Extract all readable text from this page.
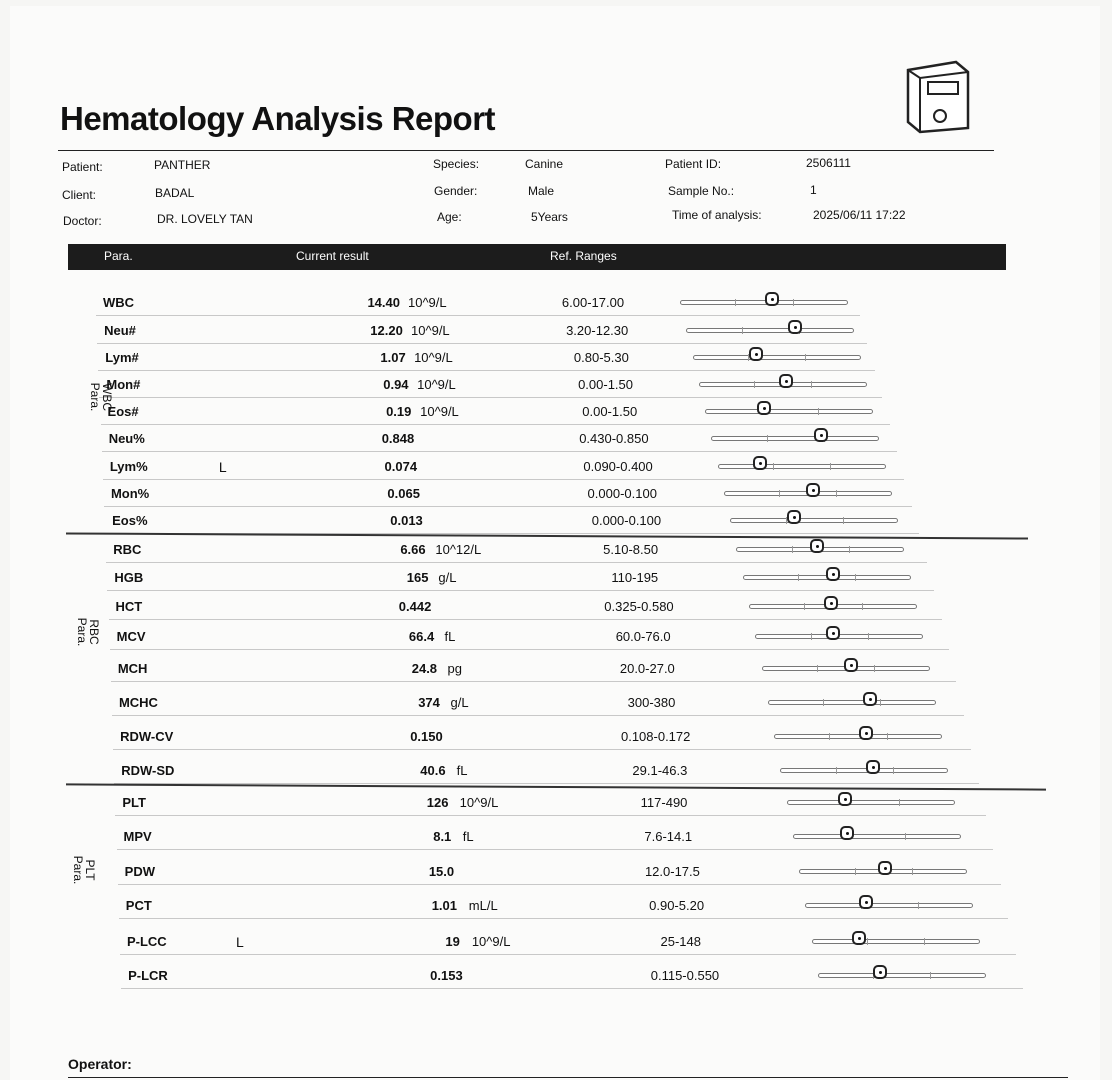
Hematology Analysis Report
Patient:	PANTHER
Client:	BADAL
Doctor:	DR. LOVELY TAN
Species:	Canine
Gender:	Male
Age:	5Years
Patient ID:	2506111
Sample No.:	1
Time of analysis:	2025/06/11 17:22
Para.	Current result	Ref. Ranges
WBC	14.40 10^9/L	6.00-17.00
Neu#	12.20 10^9/L	3.20-12.30
Lym#	1.07 10^9/L	0.80-5.30
Mon#	0.94 10^9/L	0.00-1.50
Eos#	0.19 10^9/L	0.00-1.50
Neu%	0.848	0.430-0.850
Lym%	L	0.074	0.090-0.400
Mon%	0.065	0.000-0.100
Eos%	0.013	0.000-0.100
RBC	6.66 10^12/L	5.10-8.50
HGB	165 g/L	110-195
HCT	0.442	0.325-0.580
MCV	66.4 fL	60.0-76.0
MCH	24.8 pg	20.0-27.0
MCHC	374 g/L	300-380
RDW-CV	0.150	0.108-0.172
RDW-SD	40.6 fL	29.1-46.3
PLT	126 10^9/L	117-490
MPV	8.1 fL	7.6-14.1
PDW	15.0	12.0-17.5
PCT	1.01 mL/L	0.90-5.20
P-LCC	L	19 10^9/L	25-148
P-LCR	0.153	0.115-0.550
WBC
Para.
RBC
Para.
PLT
Para.
Operator:
